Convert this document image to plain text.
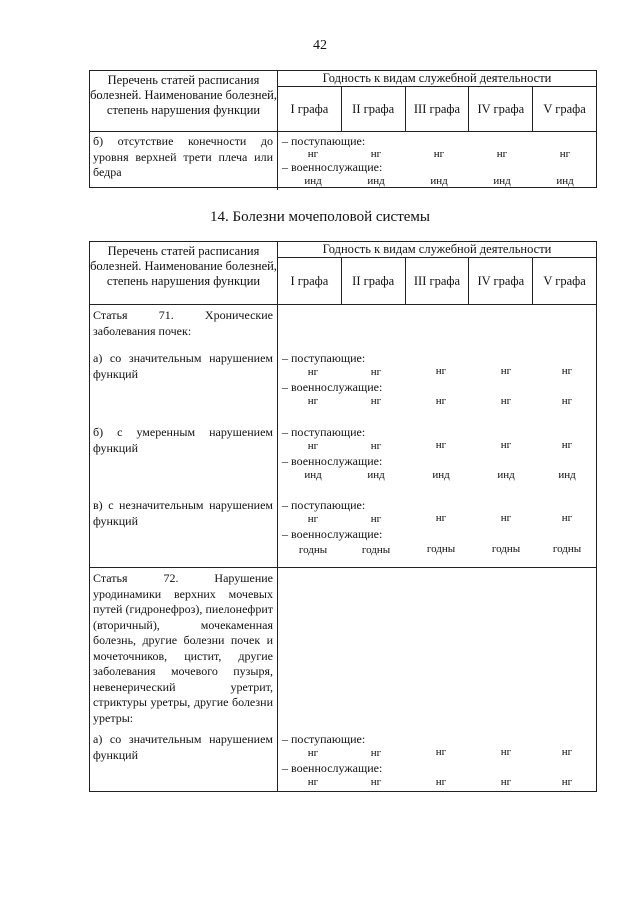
42
Перечень статей расписания болезней. Наименование болезней, степень нарушения функции
Годность к видам служебной деятельности
I графа	II графа	III графа	IV графа	V графа
б) отсутствие конечности до уровня верхней трети плеча или бедра
– поступающие:
нг	нг	нг	нг	нг
– военнослужащие:
инд	инд	инд	инд	инд
14. Болезни мочеполовой системы
Перечень статей расписания болезней. Наименование болезней, степень нарушения функции
Годность к видам служебной деятельности
I графа	II графа	III графа	IV графа	V графа
Статья 71. Хронические заболевания почек:
а) со значительным нарушением функций
– поступающие:
нг	нг	нг	нг	нг
– военнослужащие:
нг	нг	нг	нг	нг
б) с умеренным нарушением функций
– поступающие:
нг	нг	нг	нг	нг
– военнослужащие:
инд	инд	инд	инд	инд
в) с незначительным нарушением функций
– поступающие:
нг	нг	нг	нг	нг
– военнослужащие:
годны	годны	годны	годны	годны
Статья 72. Нарушение уродинамики верхних мочевых путей (гидронефроз), пиелонефрит (вторичный), мочекаменная болезнь, другие болезни почек и мочеточников, цистит, другие заболевания мочевого пузыря, невенерический уретрит, стриктуры уретры, другие болезни уретры:
а) со значительным нарушением функций
– поступающие:
нг	нг	нг	нг	нг
– военнослужащие:
нг	нг	нг	нг	нг
